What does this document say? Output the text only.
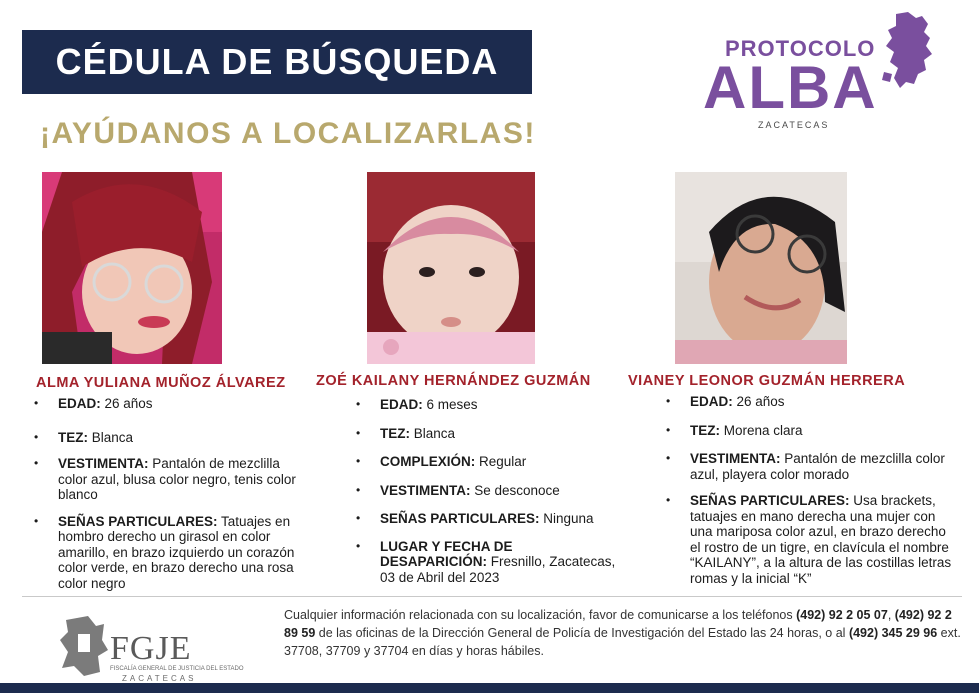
CÉDULA DE BÚSQUEDA
¡AYÚDANOS A LOCALIZARLAS!
PROTOCOLO
ALBA
ZACATECAS
ALMA YULIANA MUÑOZ ÁLVAREZ ZOÉ KAILANY HERNÁNDEZ GUZMÁN	VIANEY LEONOR GUZMÁN HERRERA
• EDAD: 26 años
• TEZ: Blanca
• VESTIMENTA: Pantalón de mezclilla color azul, blusa color negro, tenis color blanco
• SEÑAS PARTICULARES: Tatuajes en hombro derecho un girasol en color amarillo, en brazo izquierdo un corazón color verde, en brazo derecho una rosa color negro
• EDAD: 6 meses
• TEZ: Blanca
• COMPLEXIÓN: Regular
• VESTIMENTA: Se desconoce
• SEÑAS PARTICULARES: Ninguna
• LUGAR Y FECHA DE DESAPARICIÓN: Fresnillo, Zacatecas, 03 de Abril del 2023
• EDAD: 26 años
• TEZ: Morena clara
• VESTIMENTA: Pantalón de mezclilla color azul, playera color morado
• SEÑAS PARTICULARES: Usa brackets, tatuajes en mano derecha una mujer con una mariposa color azul, en brazo derecho el rostro de un tigre, en clavícula el nombre “KAILANY”, a la altura de las costillas letras romas y la inicial “K”
FGJE
FISCALÍA GENERAL DE JUSTICIA DEL ESTADO
ZACATECAS
Cualquier información relacionada con su localización, favor de comunicarse a los teléfonos (492) 92 2 05 07, (492) 92 2 89 59 de las oficinas de la Dirección General de Policía de Investigación del Estado las 24 horas, o al (492) 345 29 96 ext. 37708, 37709 y 37704 en días y horas hábiles.
